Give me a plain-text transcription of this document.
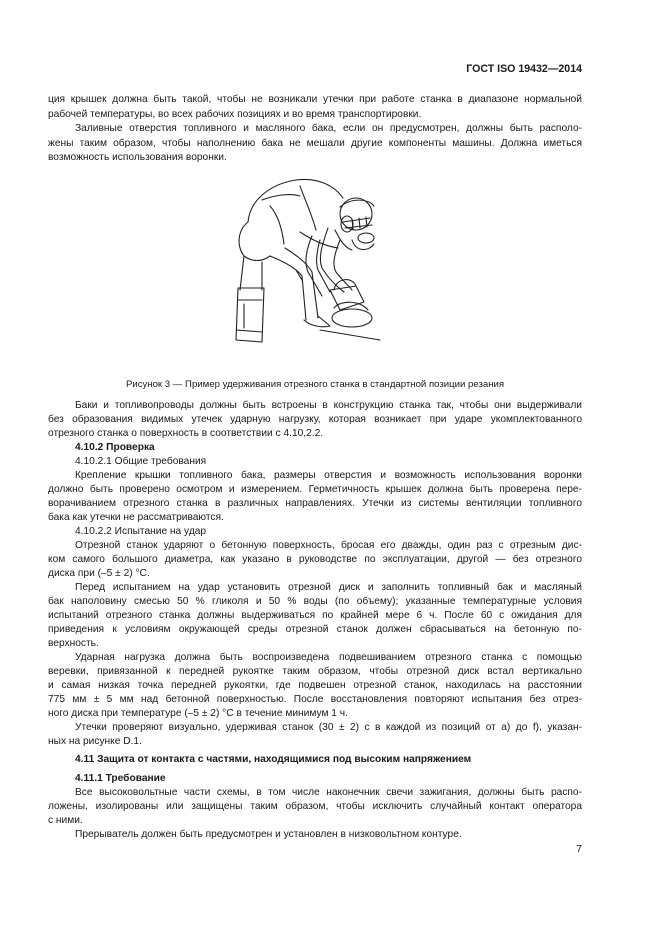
ГОСТ ISO 19432—2014
ция крышек должна быть такой, чтобы не возникали утечки при работе станка в диапазоне нормальной
рабочей температуры, во всех рабочих позициях и во время транспортировки.
Заливные отверстия топливного и масляного бака, если он предусмотрен, должны быть располо-
жены таким образом, чтобы наполнению бака не мешали другие компоненты машины. Должна иметься
возможность использования воронки.
Рисунок 3 — Пример удерживания отрезного станка в стандартной позиции резания
Баки и топливопроводы должны быть встроены в конструкцию станка так, чтобы они выдерживали
без образования видимых утечек ударную нагрузку, которая возникает при ударе укомплектованного
отрезного станка о поверхность в соответствии с 4.10,2.2.
4.10.2 Проверка
4.10.2.1 Общие требования
Крепление крышки топливного бака, размеры отверстия и возможность использования воронки
должно быть проверено осмотром и измерением. Герметичность крышек должна быть проверена пере-
ворачиванием отрезного станка в различных направлениях. Утечки из системы вентиляции топливного
бака как утечки не рассматриваются.
4.10.2.2 Испытание на удар
Отрезной станок ударяют о бетонную поверхность, бросая его дважды, один раз с отрезным дис-
ком самого большого диаметра, как указано в руководстве по эксплуатации, другой — без отрезного
диска при (–5 ± 2) °С.
Перед испытанием на удар установить отрезной диск и заполнить топливный бак и масляный
бак наполовину смесью 50 % гликоля и 50 % воды (по объему); указанные температурные условия
испытаний отрезного станка должны выдерживаться по крайней мере 6 ч. После 60 с ожидания для
приведения к условиям окружающей среды отрезной станок должен сбрасываться на бетонную по-
верхность.
Ударная нагрузка должна быть воспроизведена подвешиванием отрезного станка с помощью
веревки, привязанной к передней рукоятке таким образом, чтобы отрезной диск встал вертикально
и самая низкая точка передней рукоятки, где подвешен отрезной станок, находилась на расстоянии
775 мм ± 5 мм над бетонной поверхностью. После восстановления повторяют испытания без отрез-
ного диска при температуре (–5 ± 2) °С в течение минимум 1 ч.
Утечки проверяют визуально, удерживая станок (30 ± 2) с в каждой из позиций от а) до f), указан-
ных на рисунке D.1.
4.11 Защита от контакта с частями, находящимися под высоким напряжением
4.11.1 Требование
Все высоковольтные части схемы, в том числе наконечник свечи зажигания, должны быть распо-
ложены, изолированы или защищены таким образом, чтобы исключить случайный контакт оператора
с ними.
Прерыватель должен быть предусмотрен и установлен в низковольтном контуре.
7
